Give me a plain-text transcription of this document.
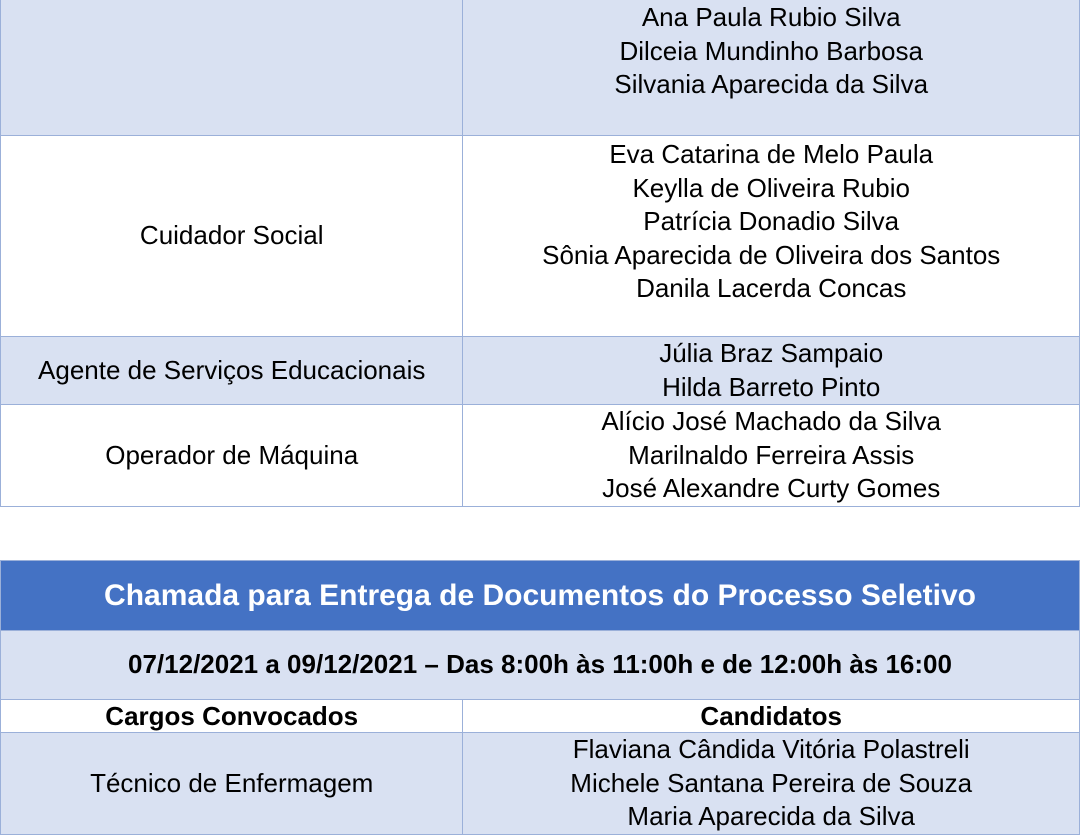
	Ana Paula Rubio Silva
Dilceia Mundinho Barbosa
Silvania Aparecida da Silva

Cuidador Social	Eva Catarina de Melo Paula
Keylla de Oliveira Rubio
Patrícia Donadio Silva
Sônia Aparecida de Oliveira dos Santos
Danila Lacerda Concas

Agente de Serviços Educacionais	Júlia Braz Sampaio
Hilda Barreto Pinto

Operador de Máquina	Alício José Machado da Silva
Marilnaldo Ferreira Assis
José Alexandre Curty Gomes
Chamada para Entrega de Documentos do Processo Seletivo	
07/12/2021 a 09/12/2021 – Das 8:00h às 11:00h e de 12:00h às 16:00	
Cargos Convocados	Candidatos
Técnico de Enfermagem	Flaviana Cândida Vitória Polastreli
Michele Santana Pereira de Souza
Maria Aparecida da Silva
